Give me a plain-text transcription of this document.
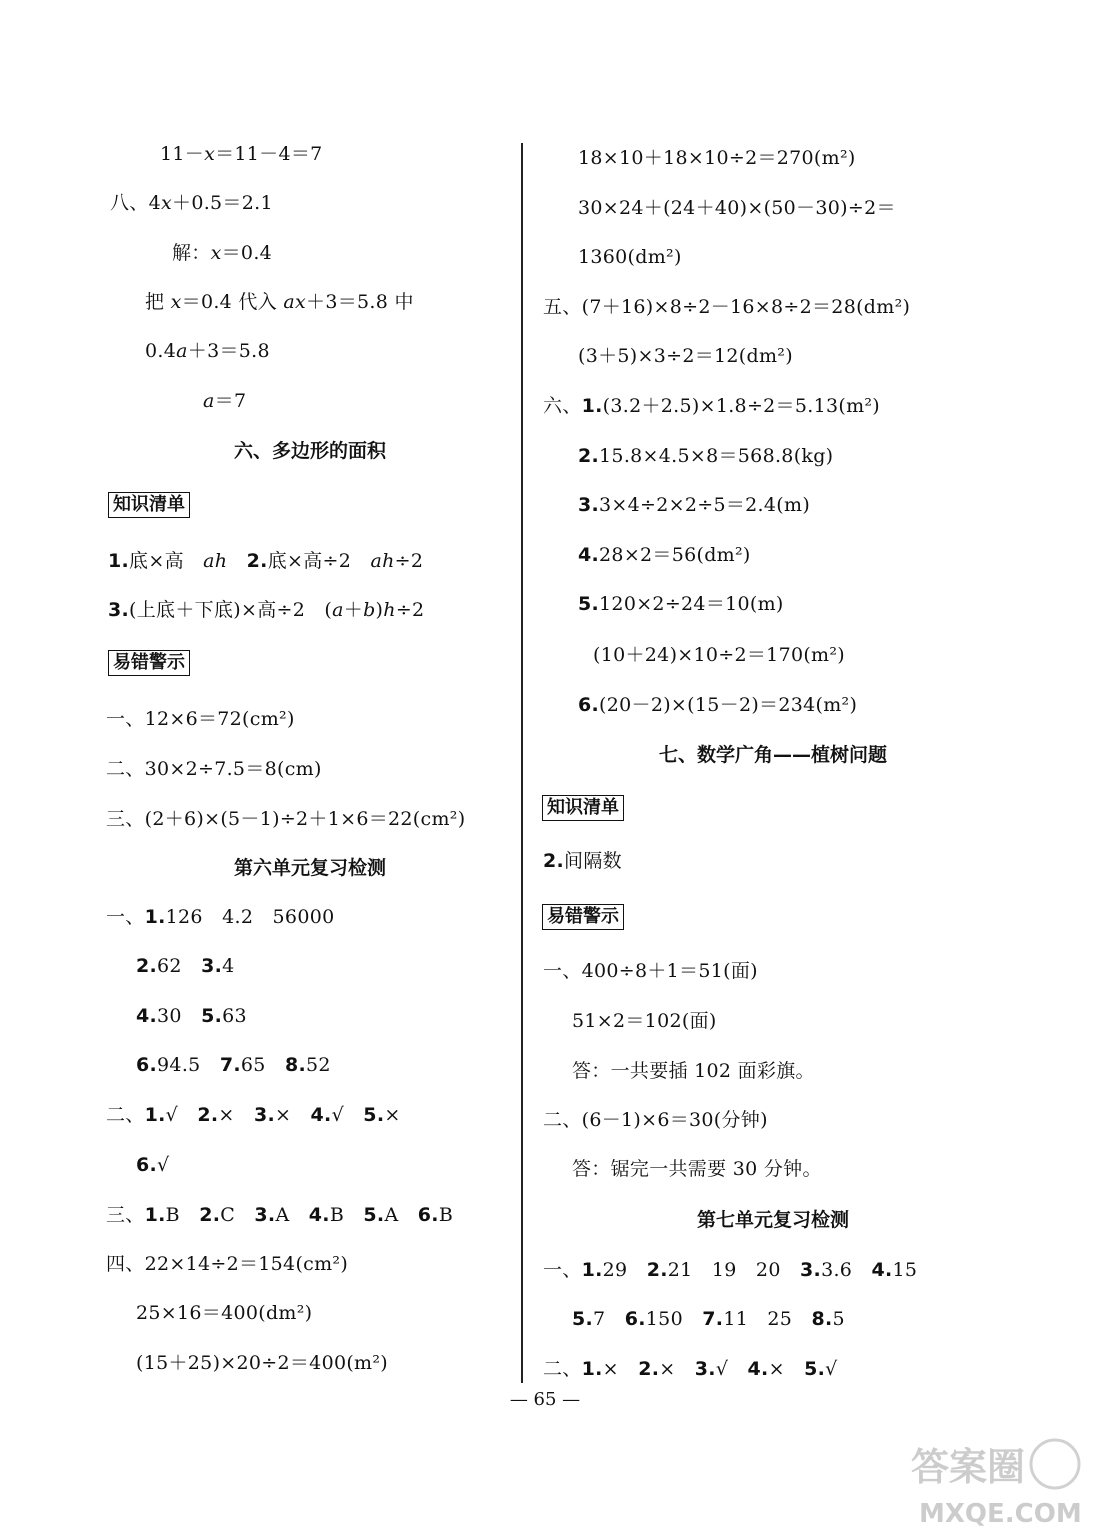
— 65 —
答案圈
MXQE.COM
11－x＝11－4＝7
八、4x＋0.5＝2.1
解：x＝0.4
把 x＝0.4 代入 ax＋3＝5.8 中
0.4a＋3＝5.8
a＝7
六、多边形的面积
知识清单
1.底×高　ah　 2.底×高÷2　ah÷2
3.(上底＋下底)×高÷2　(a＋b)h÷2
易错警示
一、12×6＝72(cm²)
二、30×2÷7.5＝8(cm)
三、(2＋6)×(5－1)÷2＋1×6＝22(cm²)
第六单元复习检测
一、1.126　4.2　56000
2.62　3.4
4.30　5.63
6.94.5　7.65　8.52
二、1.√　2.×　3.×　4.√　5.×
6.√
三、1.B　2.C　3.A　4.B　5.A　6.B
四、22×14÷2＝154(cm²)
25×16＝400(dm²)
(15＋25)×20÷2＝400(m²)
18×10＋18×10÷2＝270(m²)
30×24＋(24＋40)×(50－30)÷2＝
1360(dm²)
五、(7＋16)×8÷2－16×8÷2＝28(dm²)
(3＋5)×3÷2＝12(dm²)
六、1.(3.2＋2.5)×1.8÷2＝5.13(m²)
2.15.8×4.5×8＝568.8(kg)
3.3×4÷2×2÷5＝2.4(m)
4.28×2＝56(dm²)
5.120×2÷24＝10(m)
(10＋24)×10÷2＝170(m²)
6.(20－2)×(15－2)＝234(m²)
七、数学广角——植树问题
知识清单
2.间隔数
易错警示
一、400÷8＋1＝51(面)
51×2＝102(面)
答：一共要插 102 面彩旗。
二、(6－1)×6＝30(分钟)
答：锯完一共需要 30 分钟。
第七单元复习检测
一、1.29　2.21　19　20　3.3.6　4.15
5.7　6.150　7.11　25　8.5
二、1.×　2.×　3.√　4.×　5.√
